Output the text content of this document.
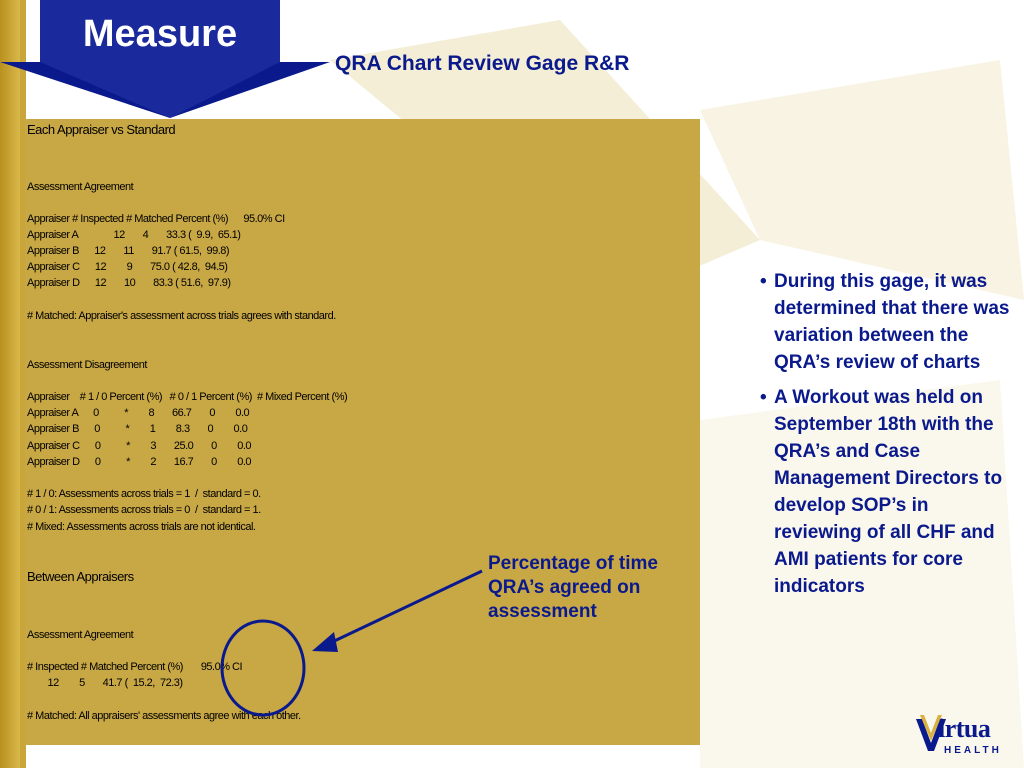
Measure
QRA Chart Review Gage R&R
Each Appraiser vs Standard
Assessment Agreement
Appraiser # Inspected # Matched Percent (%)      95.0% CI
Appraiser A              12       4       33.3 (  9.9,  65.1)
Appraiser B      12       11       91.7 ( 61.5,  99.8)
Appraiser C      12        9       75.0 ( 42.8,  94.5)
Appraiser D      12       10       83.3 ( 51.6,  97.9)
# Matched: Appraiser's assessment across trials agrees with standard.
Assessment Disagreement
Appraiser    # 1 / 0 Percent (%)   # 0 / 1 Percent (%)  # Mixed Percent (%)
Appraiser A      0          *        8       66.7       0        0.0
Appraiser B      0          *        1        8.3       0        0.0
Appraiser C      0          *        3       25.0       0        0.0
Appraiser D      0          *        2       16.7       0        0.0
# 1 / 0: Assessments across trials = 1  /  standard = 0.
# 0 / 1: Assessments across trials = 0  /  standard = 1.
# Mixed: Assessments across trials are not identical.
Between Appraisers
Assessment Agreement
# Inspected # Matched Percent (%)       95.0% CI
12        5       41.7 (  15.2,  72.3)
# Matched: All appraisers' assessments agree with each other.
Percentage of time QRA’s agreed on assessment
• During this gage, it was determined that there was variation between the QRA’s review of charts
• A Workout was held on September 18th with the QRA’s and Case Management Directors to develop SOP’s in reviewing of all CHF and AMI patients for core indicators
irtua
HEALTH
